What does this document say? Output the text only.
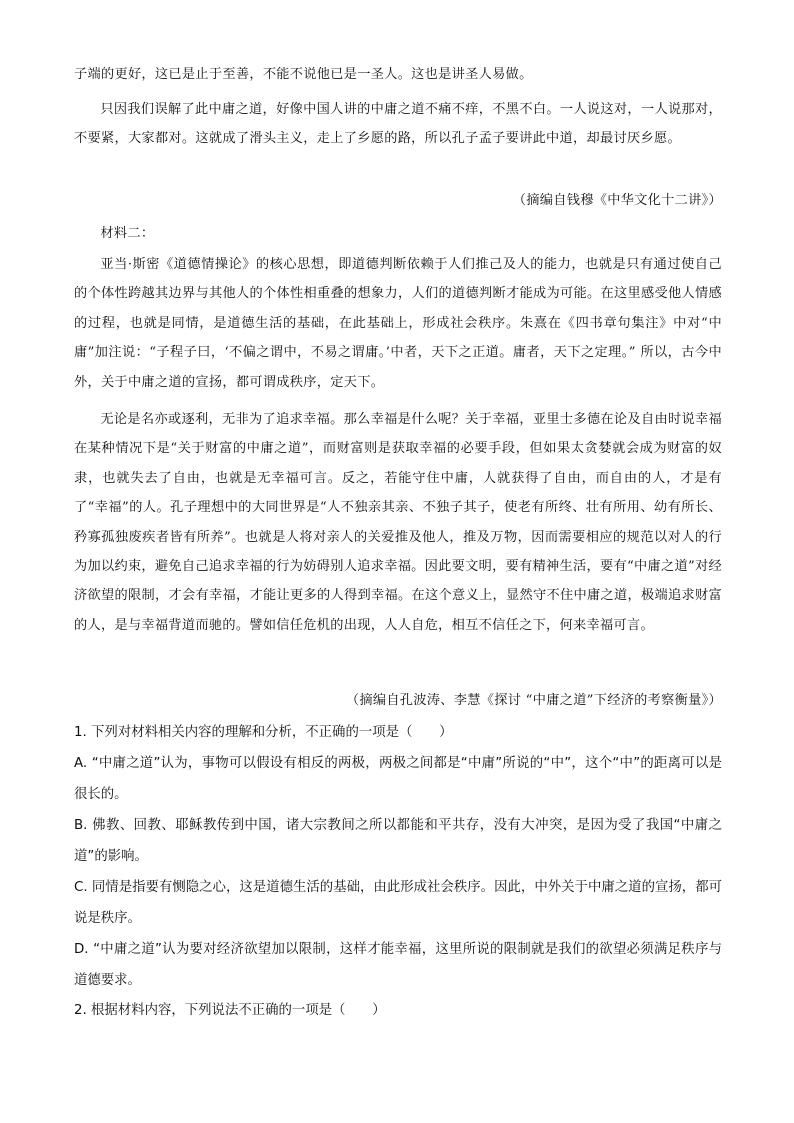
子端的更好，这已是止于至善，不能不说他已是一圣人。这也是讲圣人易做。

只因我们误解了此中庸之道，好像中国人讲的中庸之道不痛不痒，不黑不白。一人说这对，一人说那对，不要紧，大家都对。这就成了滑头主义，走上了乡愿的路，所以孔子孟子要讲此中道，却最讨厌乡愿。

（摘编自钱穆《中华文化十二讲》）

材料二：

亚当·斯密《道德情操论》的核心思想，即道德判断依赖于人们推己及人的能力，也就是只有通过使自己的个体性跨越其边界与其他人的个体性相重叠的想象力，人们的道德判断才能成为可能。在这里感受他人情感的过程，也就是同情，是道德生活的基础，在此基础上，形成社会秩序。朱熹在《四书章句集注》中对“中庸”加注说：“子程子曰，‘不偏之谓中，不易之谓庸。’中者，天下之正道。庸者，天下之定理。” 所以，古今中外，关于中庸之道的宣扬，都可谓成秩序，定天下。

无论是名亦或逐利，无非为了追求幸福。那么幸福是什么呢？关于幸福，亚里士多德在论及自由时说幸福在某种情况下是“关于财富的中庸之道”，而财富则是获取幸福的必要手段，但如果太贪婪就会成为财富的奴隶，也就失去了自由，也就是无幸福可言。反之，若能守住中庸，人就获得了自由，而自由的人，才是有了“幸福”的人。孔子理想中的大同世界是“人不独亲其亲、不独子其子，使老有所终、壮有所用、幼有所长、矜寡孤独废疾者皆有所养”。也就是人将对亲人的关爱推及他人，推及万物，因而需要相应的规范以对人的行为加以约束，避免自己追求幸福的行为妨碍别人追求幸福。因此要文明，要有精神生活，要有“中庸之道”对经济欲望的限制，才会有幸福，才能让更多的人得到幸福。在这个意义上，显然守不住中庸之道，极端追求财富的人，是与幸福背道而驰的。譬如信任危机的出现，人人自危，相互不信任之下，何来幸福可言。

（摘编自孔波涛、李慧《探讨 “中庸之道”下经济的考察衡量》）

1. 下列对材料相关内容的理解和分析，不正确的一项是（　　）

A. “中庸之道”认为，事物可以假设有相反的两极，两极之间都是“中庸”所说的“中”，这个“中”的距离可以是很长的。

B. 佛教、回教、耶稣教传到中国，诸大宗教间之所以都能和平共存，没有大冲突，是因为受了我国“中庸之道”的影响。

C. 同情是指要有恻隐之心，这是道德生活的基础，由此形成社会秩序。因此，中外关于中庸之道的宣扬，都可说是秩序。

D. “中庸之道”认为要对经济欲望加以限制，这样才能幸福，这里所说的限制就是我们的欲望必须满足秩序与道德要求。

2. 根据材料内容，下列说法不正确的一项是（　　）
